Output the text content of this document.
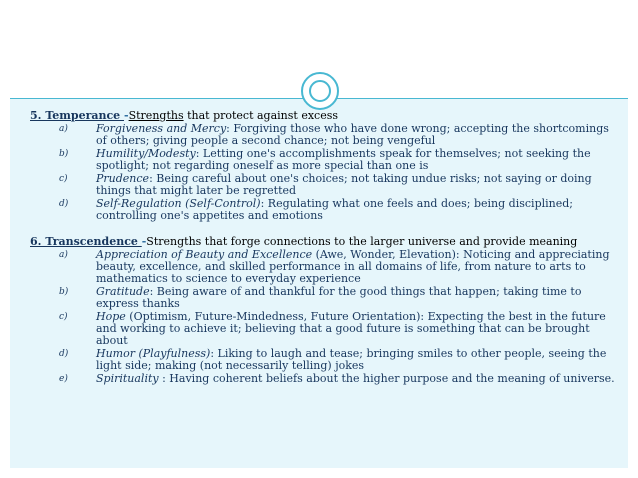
5. Temperance -Strengths that protect against excess

a)	Forgiveness and Mercy: Forgiving those who have done wrong; accepting the shortcomings of others; giving people a second chance; not being vengeful
b)	Humility/Modesty: Letting one's accomplishments speak for themselves; not seeking the spotlight; not regarding oneself as more special than one is
c)	Prudence: Being careful about one's choices; not taking undue risks; not saying or doing things that might later be regretted
d)	Self-Regulation (Self-Control): Regulating what one feels and does; being disciplined; controlling one's appetites and emotions

6. Transcendence -Strengths that forge connections to the larger universe and provide meaning

a)	Appreciation of Beauty and Excellence (Awe, Wonder, Elevation): Noticing and appreciating beauty, excellence, and skilled performance in all domains of life, from nature to arts to mathematics to science to everyday experience
b)	Gratitude: Being aware of and thankful for the good things that happen; taking time to express thanks
c)	Hope (Optimism, Future-Mindedness, Future Orientation): Expecting the best in the future and working to achieve it; believing that a good future is something that can be brought about
d)	Humor (Playfulness): Liking to laugh and tease; bringing smiles to other people, seeing the light side; making (not necessarily telling) jokes
e)	Spirituality : Having coherent beliefs about the higher purpose and the meaning of universe.
